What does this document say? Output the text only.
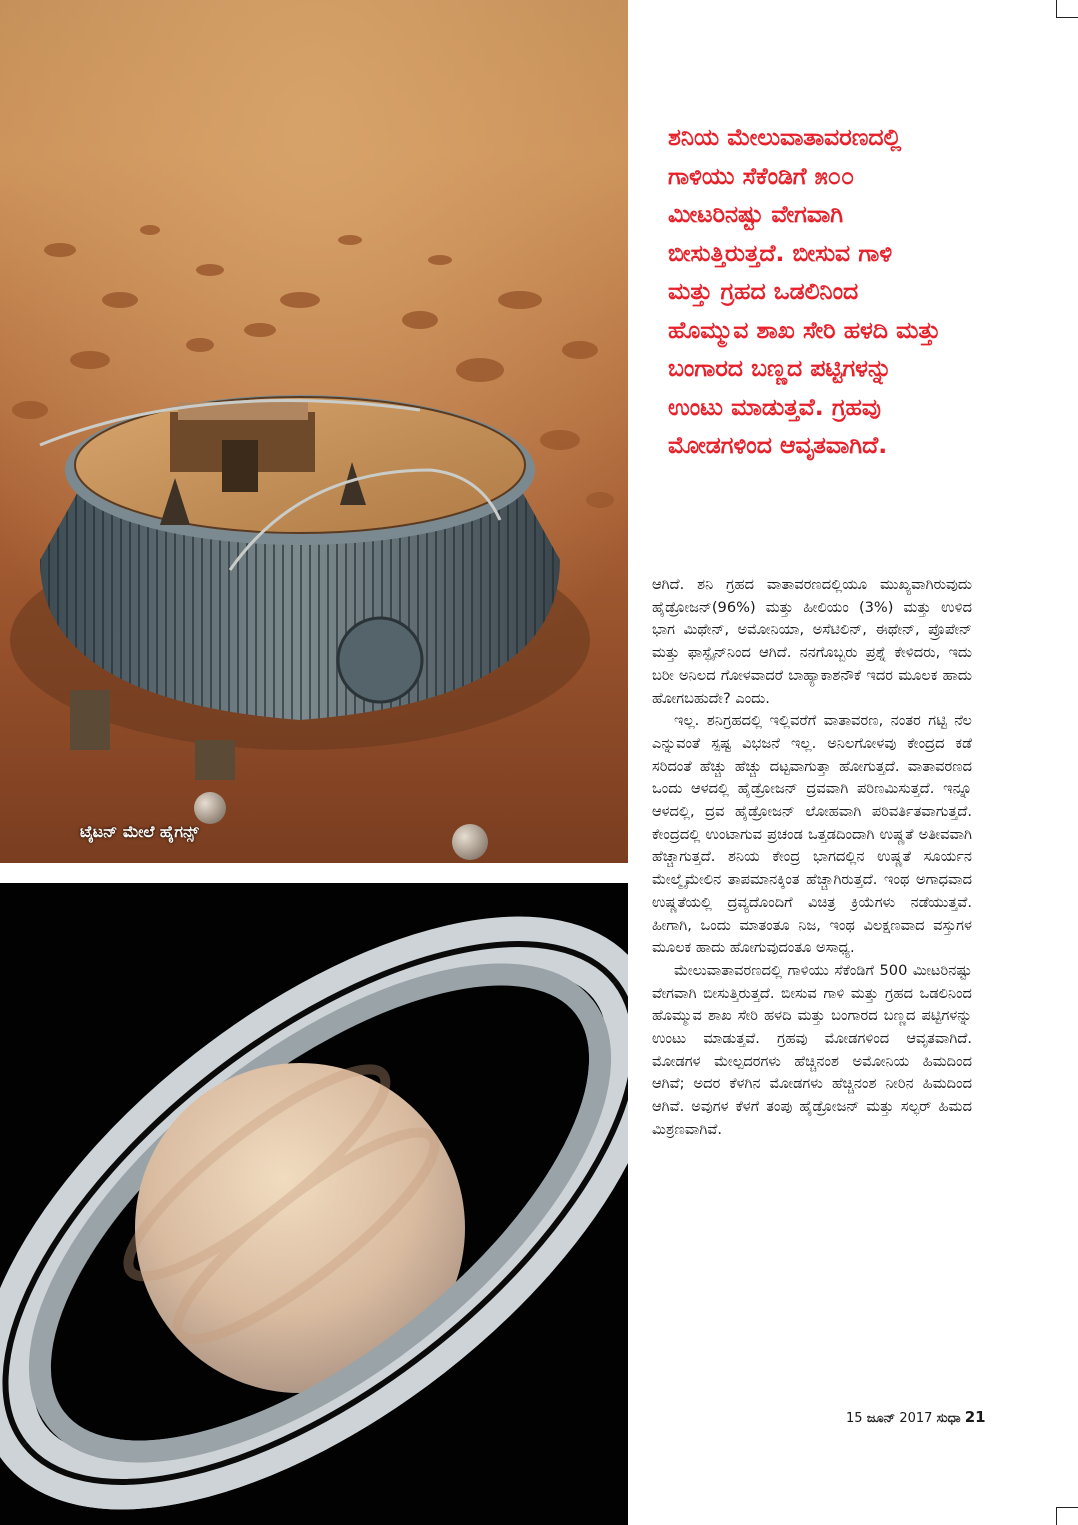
ಟೈಟನ್ ಮೇಲೆ ಹೈಗನ್ಸ್
ಶನಿಯ ಮೇಲುವಾತಾವರಣದಲ್ಲಿ
ಗಾಳಿಯು ಸೆಕೆಂಡಿಗೆ ೫೦೦
ಮೀಟರಿನಷ್ಟು ವೇಗವಾಗಿ
ಬೀಸುತ್ತಿರುತ್ತದೆ. ಬೀಸುವ ಗಾಳಿ
ಮತ್ತು ಗ್ರಹದ ಒಡಲಿನಿಂದ
ಹೊಮ್ಮುವ ಶಾಖ ಸೇರಿ ಹಳದಿ ಮತ್ತು
ಬಂಗಾರದ ಬಣ್ಣದ ಪಟ್ಟಿಗಳನ್ನು
ಉಂಟು ಮಾಡುತ್ತವೆ. ಗ್ರಹವು
ಮೋಡಗಳಿಂದ ಆವೃತವಾಗಿದೆ.

ಆಗಿದೆ. ಶನಿ ಗ್ರಹದ ವಾತಾವರಣದಲ್ಲಿಯೂ ಮುಖ್ಯವಾಗಿರುವುದು ಹೈಡ್ರೋಜನ್(96%) ಮತ್ತು ಹೀಲಿಯಂ (3%) ಮತ್ತು ಉಳಿದ ಭಾಗ ಮಿಥೇನ್, ಅಮೋನಿಯಾ, ಅಸೆಟಿಲಿನ್, ಈಥೇನ್, ಪ್ರೊಪೇನ್ ಮತ್ತು ಫಾಸ್ಫೈನ್‌ನಿಂದ ಆಗಿದೆ. ನನಗೊಬ್ಬರು ಪ್ರಶ್ನೆ ಕೇಳಿದರು, ಇದು ಬರೀ ಅನಿಲದ ಗೋಳವಾದರೆ ಬಾಹ್ಯಾಕಾಶನೌಕೆ ಇದರ ಮೂಲಕ ಹಾದು ಹೋಗಬಹುದೇ? ಎಂದು.

ಇಲ್ಲ. ಶನಿಗ್ರಹದಲ್ಲಿ ಇಲ್ಲಿವರೆಗೆ ವಾತಾವರಣ, ನಂತರ ಗಟ್ಟಿ ನೆಲ ಎನ್ನುವಂತೆ ಸ್ಪಷ್ಟ ವಿಭಜನೆ ಇಲ್ಲ. ಅನಿಲಗೋಳವು ಕೇಂದ್ರದ ಕಡೆ ಸರಿದಂತೆ ಹೆಚ್ಚು ಹೆಚ್ಚು ದಟ್ಟವಾಗುತ್ತಾ ಹೋಗುತ್ತದೆ. ವಾತಾವರಣದ ಒಂದು ಆಳದಲ್ಲಿ ಹೈಡ್ರೋಜನ್ ದ್ರವವಾಗಿ ಪರಿಣಮಿಸುತ್ತದೆ. ಇನ್ನೂ ಆಳದಲ್ಲಿ, ದ್ರವ ಹೈಡ್ರೋಜನ್ ಲೋಹವಾಗಿ ಪರಿವರ್ತಿತವಾಗುತ್ತದೆ. ಕೇಂದ್ರದಲ್ಲಿ ಉಂಟಾಗುವ ಪ್ರಚಂಡ ಒತ್ತಡದಿಂದಾಗಿ ಉಷ್ಣತೆ ಅತೀವವಾಗಿ ಹೆಚ್ಚಾಗುತ್ತದೆ. ಶನಿಯ ಕೇಂದ್ರ ಭಾಗದಲ್ಲಿನ ಉಷ್ಣತೆ ಸೂರ್ಯನ ಮೇಲ್ಮೈಮೇಲಿನ ತಾಪಮಾನಕ್ಕಿಂತ ಹೆಚ್ಚಾಗಿರುತ್ತದೆ. ಇಂಥ ಅಗಾಧವಾದ ಉಷ್ಣತೆಯಲ್ಲಿ ದ್ರವ್ಯದೊಂದಿಗೆ ವಿಚಿತ್ರ ಕ್ರಿಯೆಗಳು ನಡೆಯುತ್ತವೆ. ಹೀಗಾಗಿ, ಒಂದು ಮಾತಂತೂ ನಿಜ, ಇಂಥ ವಿಲಕ್ಷಣವಾದ ವಸ್ತುಗಳ ಮೂಲಕ ಹಾದು ಹೋಗುವುದಂತೂ ಅಸಾಧ್ಯ.

ಮೇಲುವಾತಾವರಣದಲ್ಲಿ ಗಾಳಿಯು ಸೆಕೆಂಡಿಗೆ 500 ಮೀಟರಿನಷ್ಟು ವೇಗವಾಗಿ ಬೀಸುತ್ತಿರುತ್ತದೆ. ಬೀಸುವ ಗಾಳಿ ಮತ್ತು ಗ್ರಹದ ಒಡಲಿನಿಂದ ಹೊಮ್ಮುವ ಶಾಖ ಸೇರಿ ಹಳದಿ ಮತ್ತು ಬಂಗಾರದ ಬಣ್ಣದ ಪಟ್ಟಿಗಳನ್ನು ಉಂಟು ಮಾಡುತ್ತವೆ. ಗ್ರಹವು ಮೋಡಗಳಿಂದ ಆವೃತವಾಗಿದೆ. ಮೋಡಗಳ ಮೇಲ್ಪದರಗಳು ಹೆಚ್ಚಿನಂಶ ಅಮೋನಿಯ ಹಿಮದಿಂದ ಆಗಿವೆ; ಅದರ ಕೆಳಗಿನ ಮೋಡಗಳು ಹೆಚ್ಚಿನಂಶ ನೀರಿನ ಹಿಮದಿಂದ ಆಗಿವೆ. ಅವುಗಳ ಕೆಳಗೆ ತಂಪು ಹೈಡ್ರೋಜನ್ ಮತ್ತು ಸಲ್ಫರ್ ಹಿಮದ ಮಿಶ್ರಣವಾಗಿವೆ.

15 ಜೂನ್ 2017 ಸುಧಾ 21
